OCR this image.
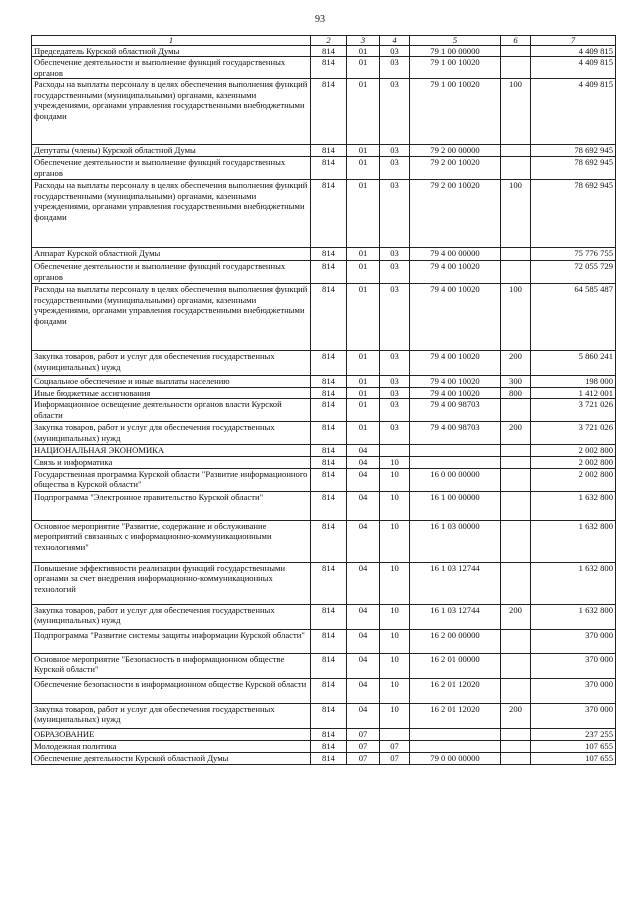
93
1	2	3	4	5	6	7
Председатель Курской областной Думы	814	01	03	79 1 00 00000		4 409 815
Обеспечение деятельности и выполнение функций государственных органов	814	01	03	79 1 00 10020		4 409 815
Расходы на выплаты персоналу в целях обеспечения выполнения функций государственными (муниципальными) органами, казенными учреждениями, органами управления государственными внебюджетными фондами	814	01	03	79 1 00 10020	100	4 409 815
Депутаты (члены) Курской областной Думы	814	01	03	79 2 00 00000		78 692 945
Обеспечение деятельности и выполнение функций государственных органов	814	01	03	79 2 00 10020		78 692 945
Расходы на выплаты персоналу в целях обеспечения выполнения функций государственными (муниципальными) органами, казенными учреждениями, органами управления государственными внебюджетными фондами	814	01	03	79 2 00 10020	100	78 692 945
Аппарат Курской областной Думы	814	01	03	79 4 00 00000		75 776 755
Обеспечение деятельности и выполнение функций государственных органов	814	01	03	79 4 00 10020		72 055 729
Расходы на выплаты персоналу в целях обеспечения выполнения функций государственными (муниципальными) органами, казенными учреждениями, органами управления государственными внебюджетными фондами	814	01	03	79 4 00 10020	100	64 585 487
Закупка товаров, работ и услуг для обеспечения государственных (муниципальных) нужд	814	01	03	79 4 00 10020	200	5 860 241
Социальное обеспечение и иные выплаты населению	814	01	03	79 4 00 10020	300	198 000
Иные бюджетные ассигнования	814	01	03	79 4 00 10020	800	1 412 001
Информационное освещение деятельности органов власти Курской области	814	01	03	79 4 00 98703		3 721 026
Закупка товаров, работ и услуг для обеспечения государственных (муниципальных) нужд	814	01	03	79 4 00 98703	200	3 721 026
НАЦИОНАЛЬНАЯ ЭКОНОМИКА	814	04				2 002 800
Связь и информатика	814	04	10			2 002 800
Государственная программа Курской области "Развитие информационного общества в Курской области"	814	04	10	16 0 00 00000		2 002 800
Подпрограмма "Электронное правительство Курской области"	814	04	10	16 1 00 00000		1 632 800
Основное мероприятие "Развитие, содержание и обслуживание мероприятий связанных с информационно-коммуникационными технологиями"	814	04	10	16 1 03 00000		1 632 800
Повышение эффективности реализации функций государственными органами за счет внедрения информационно-коммуникационных технологий	814	04	10	16 1 03 12744		1 632 800
Закупка товаров, работ и услуг для обеспечения государственных (муниципальных) нужд	814	04	10	16 1 03 12744	200	1 632 800
Подпрограмма "Развитие системы защиты информации Курской области"	814	04	10	16 2 00 00000		370 000
Основное мероприятие "Безопасность в информационном обществе Курской области"	814	04	10	16 2 01 00000		370 000
Обеспечение безопасности в информационном обществе Курской области	814	04	10	16 2 01 12020		370 000
Закупка товаров, работ и услуг для обеспечения государственных (муниципальных) нужд	814	04	10	16 2 01 12020	200	370 000
ОБРАЗОВАНИЕ	814	07				237 255
Молодежная политика	814	07	07			107 655
Обеспечение деятельности Курской областной Думы	814	07	07	79 0 00 00000		107 655
